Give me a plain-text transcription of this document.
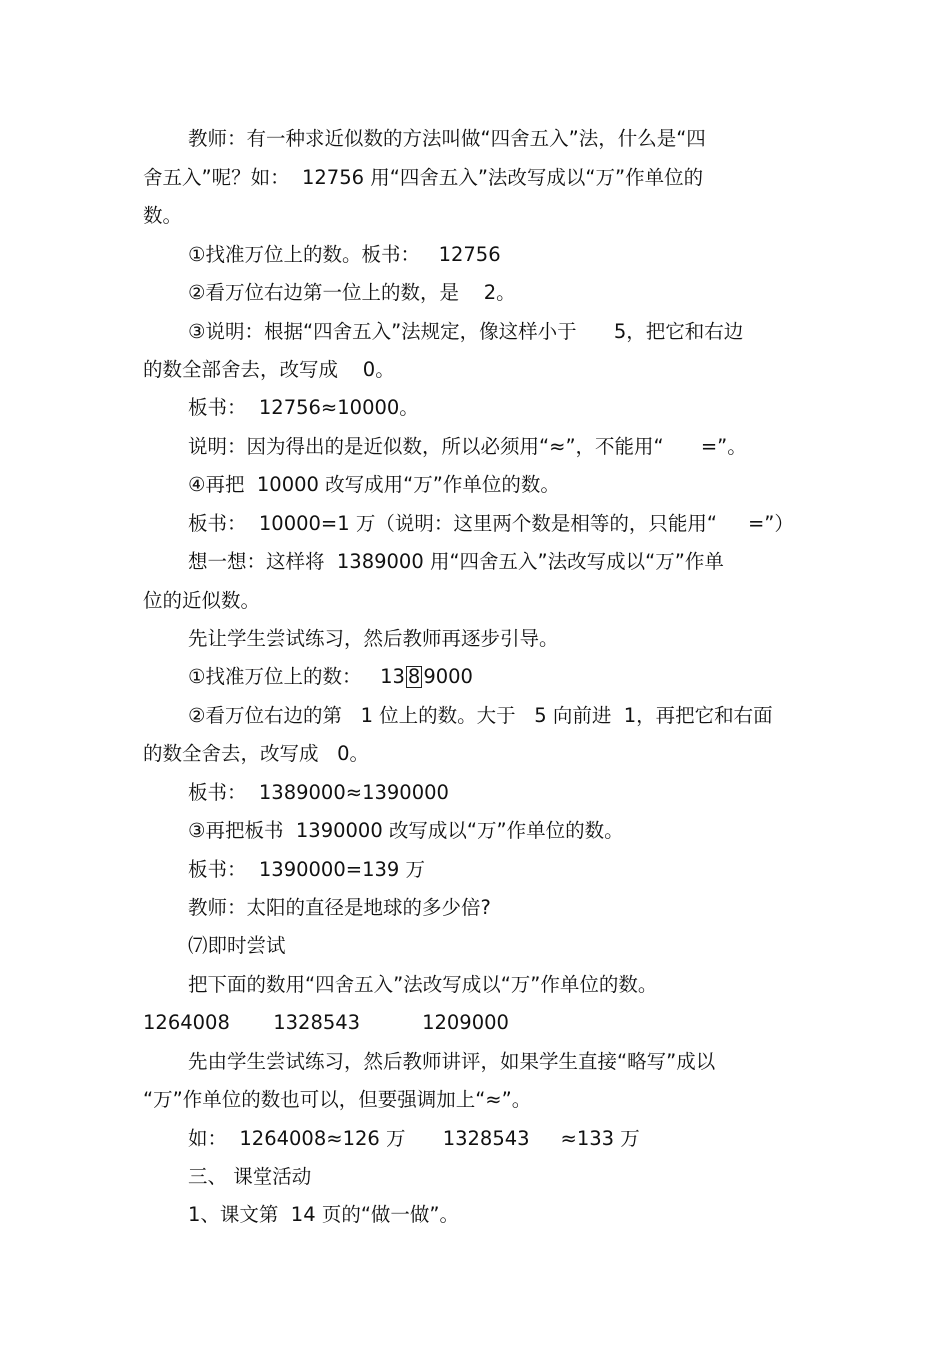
教师：有一种求近似数的方法叫做“四舍五入”法，什么是“四
舍五入”呢？如：  12756 用“四舍五入”法改写成以“万”作单位的
数。
①找准万位上的数。板书：   12756
②看万位右边第一位上的数，是    2。
③说明：根据“四舍五入”法规定，像这样小于      5，把它和右边
的数全部舍去，改写成    0。
板书：  12756≈10000。
说明：因为得出的是近似数，所以必须用“≈”，不能用“      =”。
④再把  10000 改写成用“万”作单位的数。
板书：  10000=1 万（说明：这里两个数是相等的，只能用“     =”）
想一想：这样将  1389000 用“四舍五入”法改写成以“万”作单
位的近似数。
先让学生尝试练习，然后教师再逐步引导。
①找准万位上的数：   13 8 9000
②看万位右边的第   1 位上的数。大于   5 向前进  1，再把它和右面
的数全舍去，改写成   0。
板书：  1389000≈1390000
③再把板书  1390000 改写成以“万”作单位的数。
板书：  1390000=139 万
教师：太阳的直径是地球的多少倍?
⑺即时尝试
把下面的数用“四舍五入”法改写成以“万”作单位的数。
1264008       1328543          1209000
先由学生尝试练习，然后教师讲评，如果学生直接“略写”成以
“万”作单位的数也可以，但要强调加上“≈”。
如：  1264008≈126 万      1328543     ≈133 万
三、 课堂活动
1、课文第  14 页的“做一做”。
